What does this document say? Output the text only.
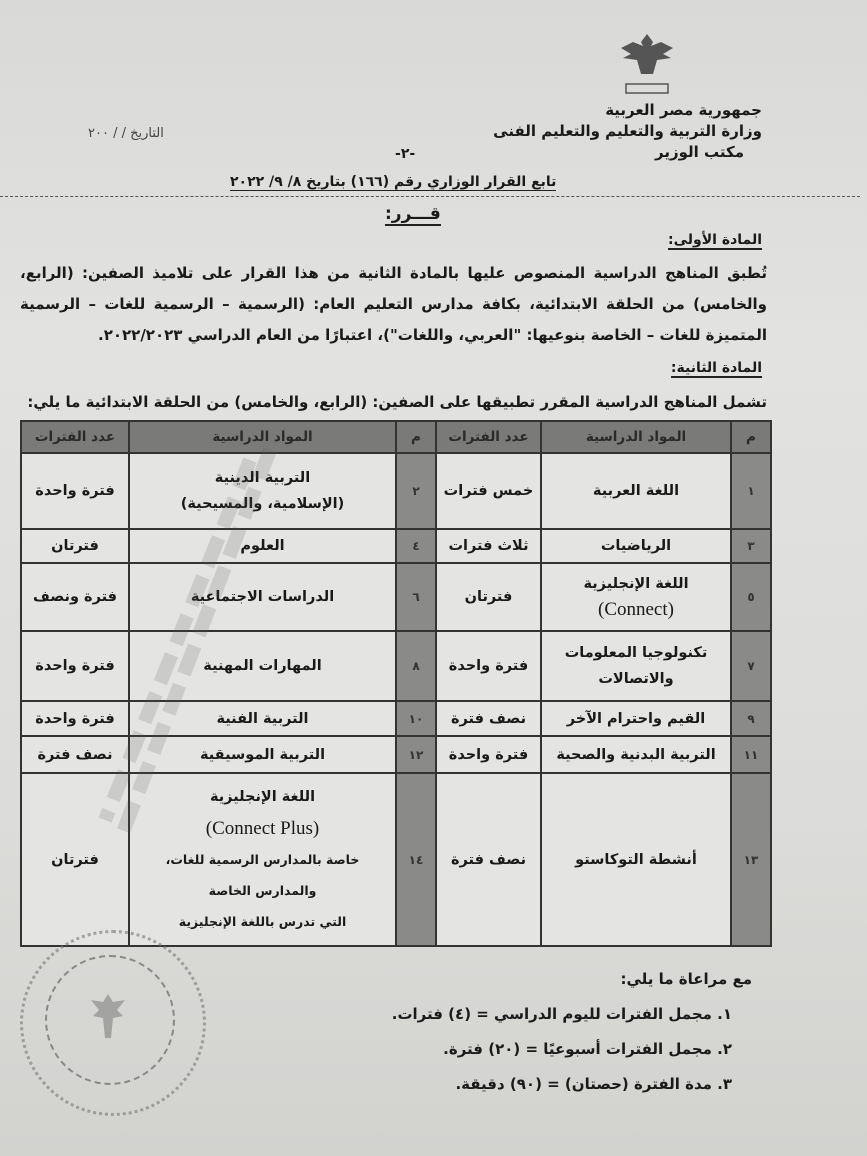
جمهورية مصر العربية
وزارة التربية والتعليم والتعليم الفنى
مكتب الوزير
التاريخ / / ٢٠٠
-٢-
تابع القرار الوزاري رقم (١٦٦) بتاريخ ٨/ ٩/ ٢٠٢٢
قـــرر:
المادة الأولى:
تُطبق المناهج الدراسية المنصوص عليها بالمادة الثانية من هذا القرار على تلاميذ الصفين: (الرابع، والخامس) من الحلقة الابتدائية، بكافة مدارس التعليم العام: (الرسمية – الرسمية للغات – الرسمية المتميزة للغات – الخاصة بنوعيها: "العربي، واللغات")، اعتبارًا من العام الدراسي ٢٠٢٢/٢٠٢٣.
المادة الثانية:
تشمل المناهج الدراسية المقرر تطبيقها على الصفين: (الرابع، والخامس) من الحلقة الابتدائية ما يلي:
م	المواد الدراسية	عدد الفترات	م	المواد الدراسية	عدد الفترات
١	اللغة العربية	خمس فترات	٢	التربية الدينية
(الإسلامية، والمسيحية)	فترة واحدة
٣	الرياضيات	ثلاث فترات	٤	العلوم	فترتان
٥	اللغة الإنجليزية
(Connect)	فترتان	٦	الدراسات الاجتماعية	فترة ونصف
٧	تكنولوجيا المعلومات
والاتصالات	فترة واحدة	٨	المهارات المهنية	فترة واحدة
٩	القيم واحترام الآخر	نصف فترة	١٠	التربية الفنية	فترة واحدة
١١	التربية البدنية والصحية	فترة واحدة	١٢	التربية الموسيقية	نصف فترة
١٣	أنشطة التوكاستو	نصف فترة	١٤	اللغة الإنجليزية
(Connect Plus)
خاصة بالمدارس الرسمية للغات،
والمدارس الخاصة
التي تدرس باللغة الإنجليزية	فترتان
مع مراعاة ما يلي:
١. مجمل الفترات لليوم الدراسي = (٤) فترات.
٢. مجمل الفترات أسبوعيًا = (٢٠) فترة.
٣. مدة الفترة (حصتان) = (٩٠) دقيقة.
